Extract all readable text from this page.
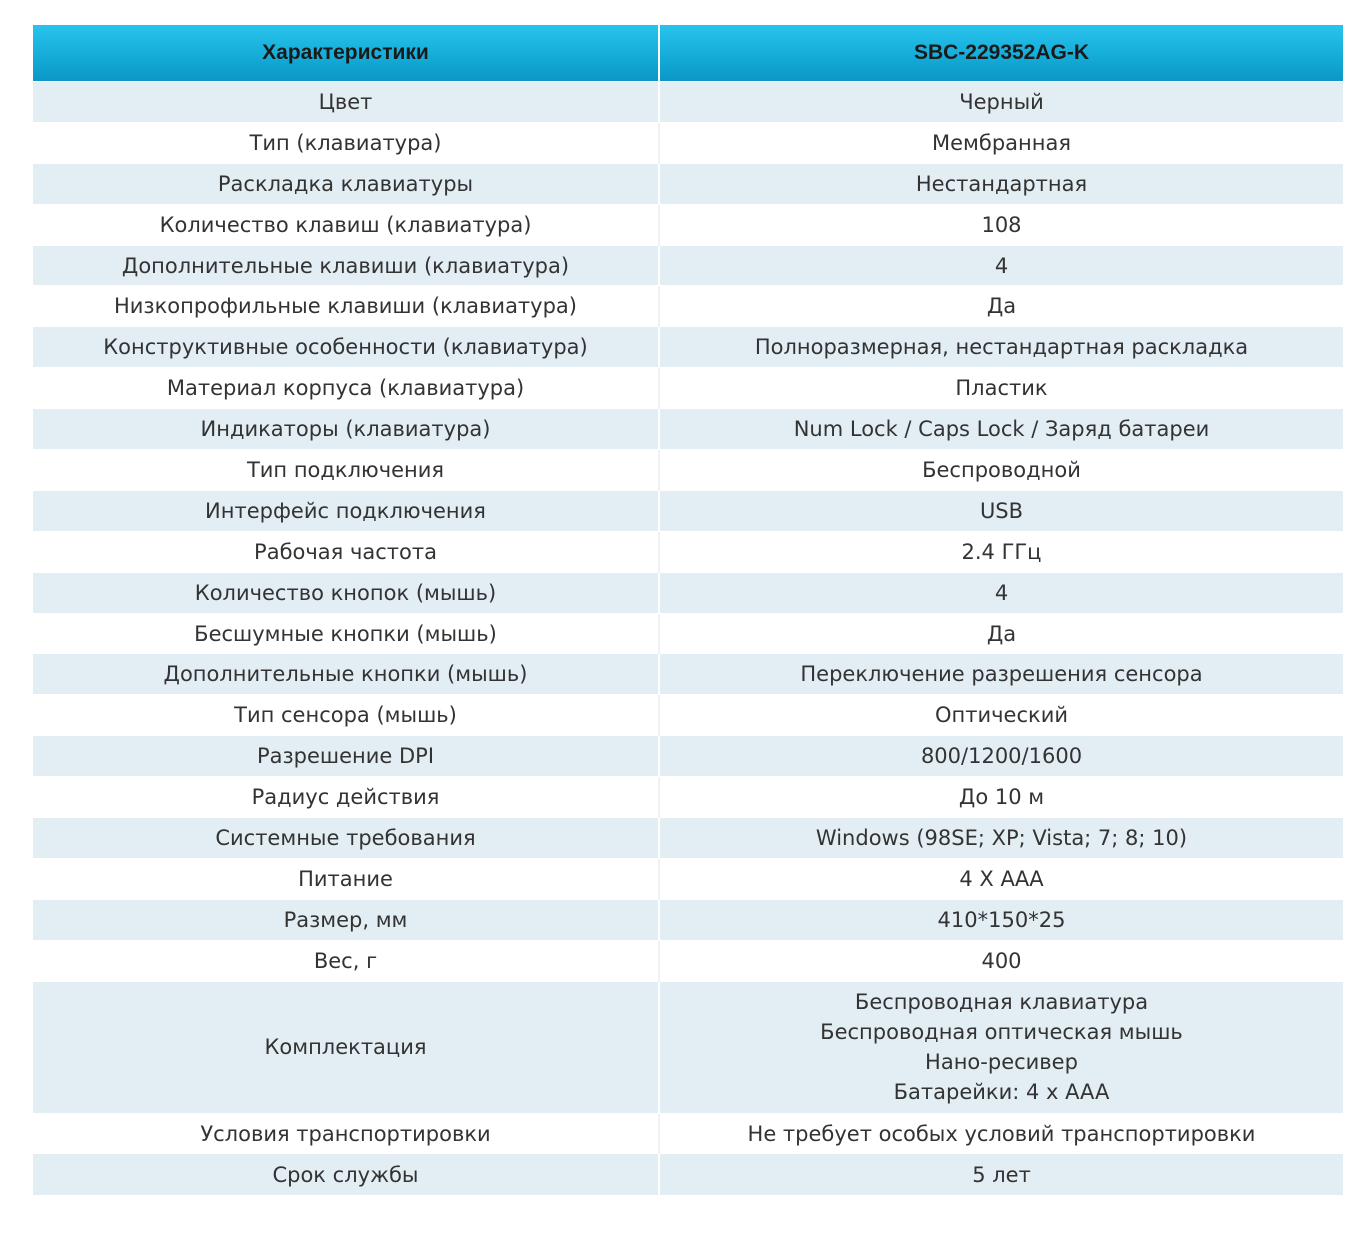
Характеристики	SBC-229352AG-K
Цвет	Черный
Тип (клавиатура)	Мембранная
Раскладка клавиатуры	Нестандартная
Количество клавиш (клавиатура)	108
Дополнительные клавиши (клавиатура)	4
Низкопрофильные клавиши (клавиатура)	Да
Конструктивные особенности (клавиатура)	Полноразмерная, нестандартная раскладка
Материал корпуса (клавиатура)	Пластик
Индикаторы (клавиатура)	Num Lock / Caps Lock / Заряд батареи
Тип подключения	Беспроводной
Интерфейс подключения	USB
Рабочая частота	2.4 ГГц
Количество кнопок (мышь)	4
Бесшумные кнопки (мышь)	Да
Дополнительные кнопки (мышь)	Переключение разрешения сенсора
Тип сенсора (мышь)	Оптический
Разрешение DPI	800/1200/1600
Радиус действия	До 10 м
Системные требования	Windows (98SE; XP; Vista; 7; 8; 10)
Питание	4 Х ААА
Размер, мм	410*150*25
Вес, г	400
Комплектация	Беспроводная клавиатура
Беспроводная оптическая мышь
Нано-ресивер
Батарейки: 4 х AAA

Условия транспортировки	Не требует особых условий транспортировки
Срок службы	5 лет
